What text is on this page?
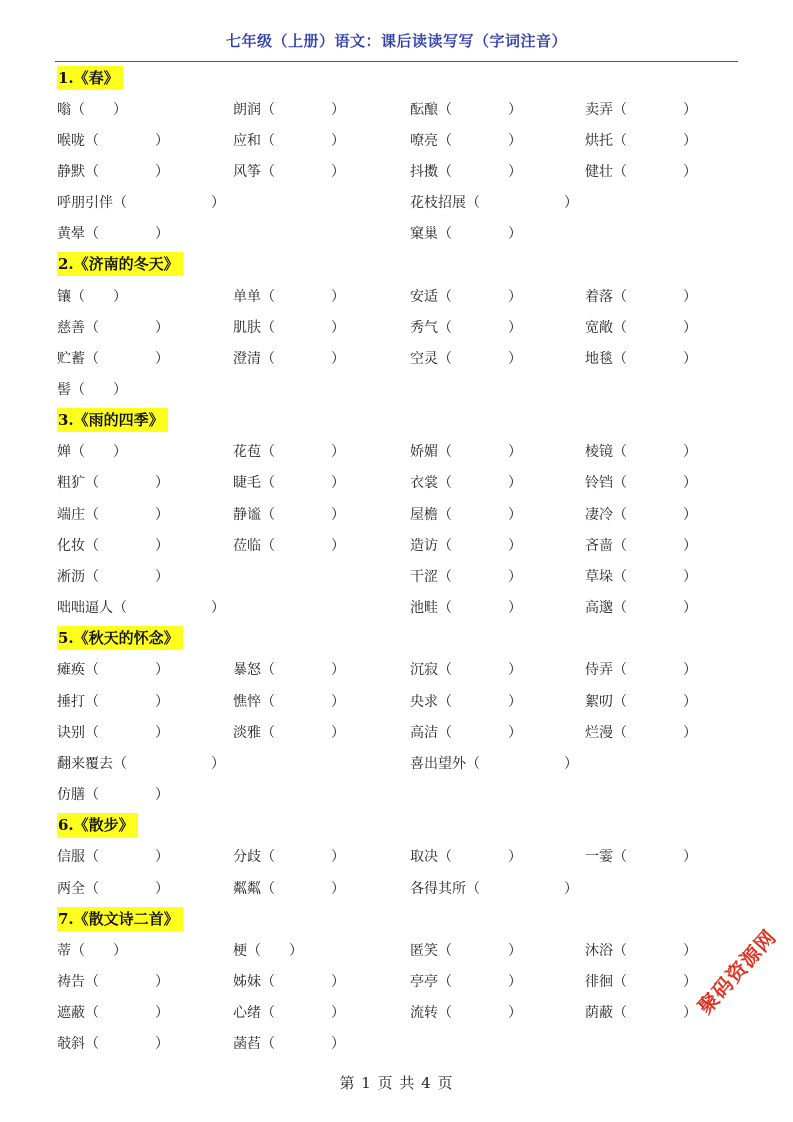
七年级（上册）语文：课后读读写写（字词注音）
1.《春》
嗡（　　）	朗润（　　　　）	酝酿（　　　　）	卖弄（　　　　）
喉咙（　　　　）	应和（　　　　）	嘹亮（　　　　）	烘托（　　　　）
静默（　　　　）	风筝（　　　　）	抖擞（　　　　）	健壮（　　　　）
呼朋引伴（　　　　　　）	花枝招展（　　　　　　）
黄晕（　　　　）	窠巢（　　　　）
2.《济南的冬天》
镶（　　）	单单（　　　　）	安适（　　　　）	着落（　　　　）
慈善（　　　　）	肌肤（　　　　）	秀气（　　　　）	宽敞（　　　　）
贮蓄（　　　　）	澄清（　　　　）	空灵（　　　　）	地毯（　　　　）
髻（　　）
3.《雨的四季》
婵（　　）	花苞（　　　　）	娇媚（　　　　）	棱镜（　　　　）
粗犷（　　　　）	睫毛（　　　　）	衣裳（　　　　）	铃铛（　　　　）
端庄（　　　　）	静谧（　　　　）	屋檐（　　　　）	凄冷（　　　　）
化妆（　　　　）	莅临（　　　　）	造访（　　　　）	吝啬（　　　　）
淅沥（　　　　）	干涩（　　　　）	草垛（　　　　）
咄咄逼人（　　　　　　）	池畦（　　　　）	高邈（　　　　）
5.《秋天的怀念》
瘫痪（　　　　）	暴怒（　　　　）	沉寂（　　　　）	侍弄（　　　　）
捶打（　　　　）	憔悴（　　　　）	央求（　　　　）	絮叨（　　　　）
诀别（　　　　）	淡雅（　　　　）	高洁（　　　　）	烂漫（　　　　）
翻来覆去（　　　　　　）	喜出望外（　　　　　　）
仿膳（　　　　）
6.《散步》
信服（　　　　）	分歧（　　　　）	取决（　　　　）	一霎（　　　　）
两全（　　　　）	粼粼（　　　　）	各得其所（　　　　　　）
7.《散文诗二首》
蒂（　　）	梗（　　）	匿笑（　　　　）	沐浴（　　　　）
祷告（　　　　）	姊妹（　　　　）	亭亭（　　　　）	徘徊（　　　　）
遮蔽（　　　　）	心绪（　　　　）	流转（　　　　）	荫蔽（　　　　）
攲斜（　　　　）	菡萏（　　　　）
第 1 页 共 4 页
聚码资源网
